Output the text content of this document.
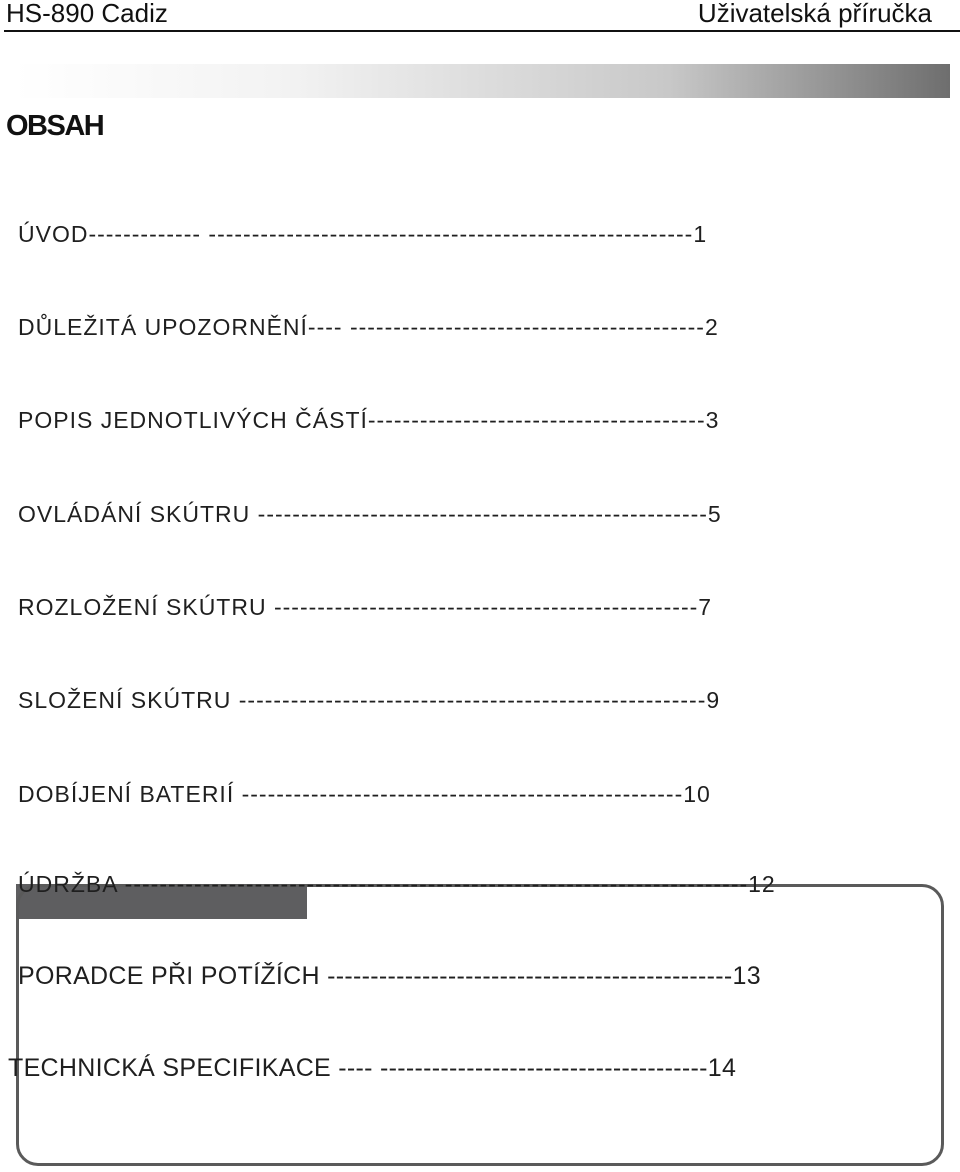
HS-890 Cadiz	Uživatelská příručka
OBSAH
ÚVOD------------- --------------------------------------------------------1
DŮLEŽITÁ UPOZORNĚNÍ---- -----------------------------------------2
POPIS JEDNOTLIVÝCH ČÁSTÍ---------------------------------------3
OVLÁDÁNÍ SKÚTRU ----------------------------------------------------5
ROZLOŽENÍ SKÚTRU -------------------------------------------------7
SLOŽENÍ SKÚTRU ------------------------------------------------------9
DOBÍJENÍ BATERIÍ ---------------------------------------------------10
ÚDRŽBA ------------------------------------------------------------------------12
PORADCE PŘI POTÍŽÍCH -----------------------------------------------13
TECHNICKÁ SPECIFIKACE ---- --------------------------------------14
